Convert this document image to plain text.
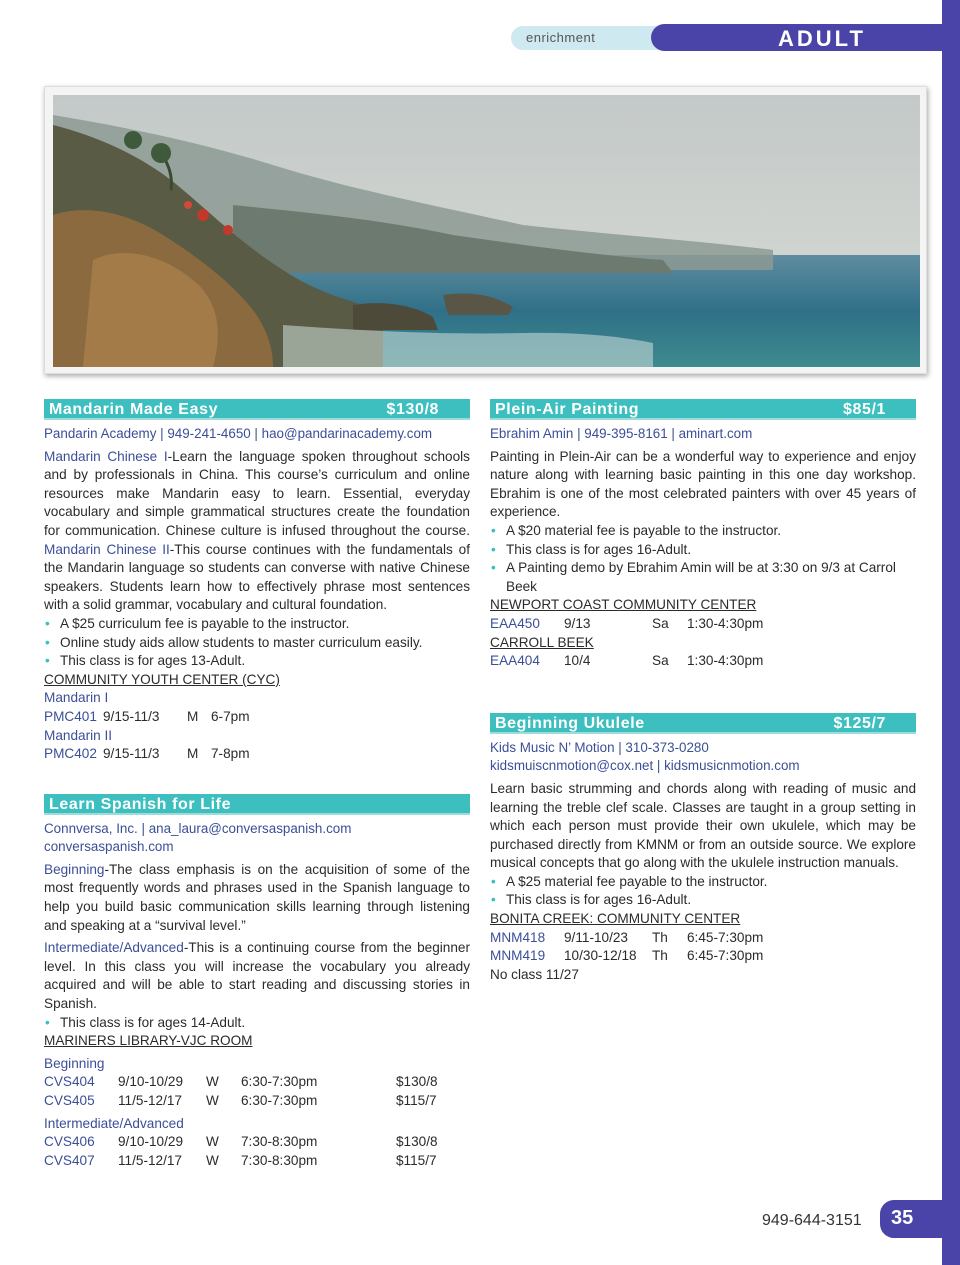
enrichment	ADULT
Mandarin Made Easy	$130/8
Pandarin Academy | 949-241-4650 | hao@pandarinacademy.com

Mandarin Chinese I-Learn the language spoken throughout schools and by professionals in China. This course’s curriculum and online resources make Mandarin easy to learn. Essential, everyday vocabulary and simple grammatical structures create the foundation for communication. Chinese culture is infused throughout the course. Mandarin Chinese II-This course continues with the fundamentals of the Mandarin language so students can converse with native Chinese speakers. Students learn how to effectively phrase most sentences with a solid grammar, vocabulary and cultural foundation.

• A $25 curriculum fee is payable to the instructor.
• Online study aids allow students to master curriculum easily.
• This class is for ages 13-Adult.
COMMUNITY YOUTH CENTER (CYC)
Mandarin I
PMC401 9/15-11/3	M 6-7pm
Mandarin II
PMC402 9/15-11/3	M 7-8pm
Learn Spanish for Life
Connversa, Inc. | ana_laura@conversaspanish.com
conversaspanish.com

Beginning-The class emphasis is on the acquisition of some of the most frequently words and phrases used in the Spanish language to help you build basic communication skills learning through listening and speaking at a “survival level.”

Intermediate/Advanced-This is a continuing course from the beginner level. In this class you will increase the vocabulary you already acquired and will be able to start reading and discussing stories in Spanish.

• This class is for ages 14-Adult.
MARINERS LIBRARY-VJC ROOM
Beginning
CVS404	9/10-10/29	W	6:30-7:30pm	$130/8
CVS405	11/5-12/17	W	6:30-7:30pm	$115/7
Intermediate/Advanced
CVS406	9/10-10/29	W	7:30-8:30pm	$130/8
CVS407	11/5-12/17	W	7:30-8:30pm	$115/7
Plein-Air Painting	$85/1
Ebrahim Amin | 949-395-8161 | aminart.com

Painting in Plein-Air can be a wonderful way to experience and enjoy nature along with learning basic painting in this one day workshop. Ebrahim is one of the most celebrated painters with over 45 years of experience.

• A $20 material fee is payable to the instructor.
• This class is for ages 16-Adult.
• A Painting demo by Ebrahim Amin will be at 3:30 on 9/3 at Carrol Beek
NEWPORT COAST COMMUNITY CENTER
EAA450	9/13	Sa	1:30-4:30pm
CARROLL BEEK
EAA404	10/4	Sa	1:30-4:30pm
Beginning Ukulele	$125/7
Kids Music N’ Motion | 310-373-0280
kidsmuiscnmotion@cox.net | kidsmusicnmotion.com

Learn basic strumming and chords along with reading of music and learning the treble clef scale. Classes are taught in a group setting in which each person must provide their own ukulele, which may be purchased directly from KMNM or from an outside source. We explore musical concepts that go along with the ukulele instruction manuals.

• A $25 material fee payable to the instructor.
• This class is for ages 16-Adult.
BONITA CREEK: COMMUNITY CENTER
MNM418	9/11-10/23	Th	6:45-7:30pm
MNM419	10/30-12/18	Th	6:45-7:30pm
No class 11/27
949-644-3151	35
